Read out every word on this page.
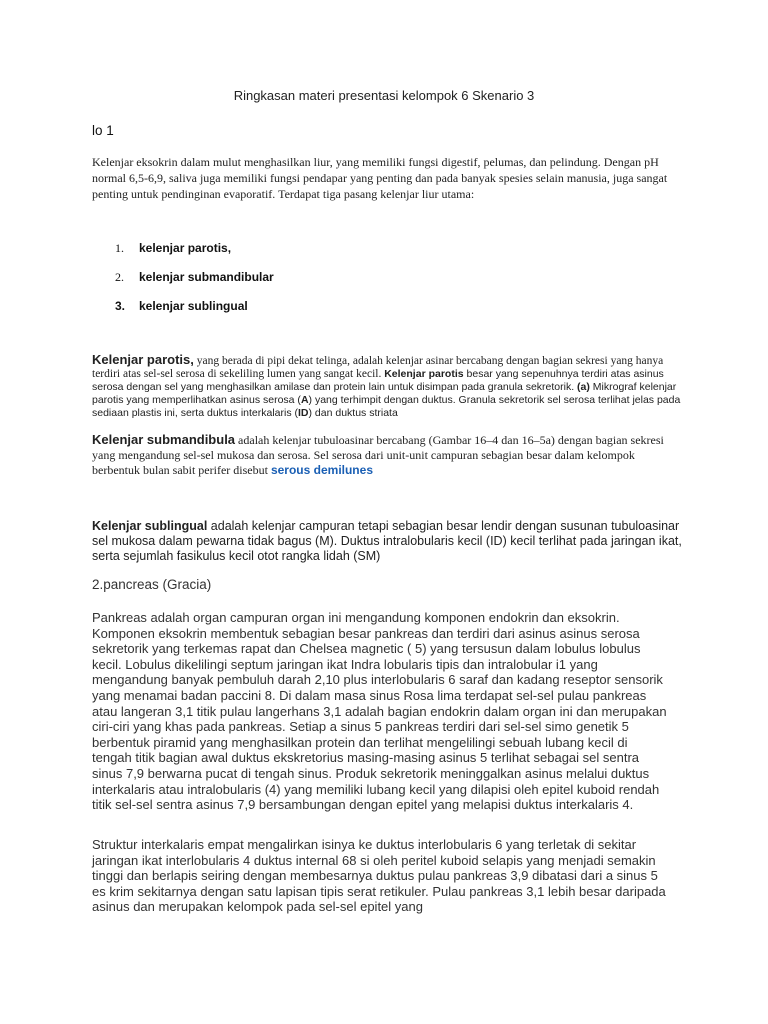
Ringkasan materi presentasi kelompok 6 Skenario 3
lo 1
Kelenjar eksokrin dalam mulut menghasilkan liur, yang memiliki fungsi digestif, pelumas, dan pelindung. Dengan pH normal 6,5-6,9, saliva juga memiliki fungsi pendapar yang penting dan pada banyak spesies selain manusia, juga sangat penting untuk pendinginan evaporatif. Terdapat tiga pasang kelenjar liur utama:
1. kelenjar parotis,
2. kelenjar submandibular
3. kelenjar sublingual
Kelenjar parotis, yang berada di pipi dekat telinga, adalah kelenjar asinar bercabang dengan bagian sekresi yang hanya terdiri atas sel-sel serosa di sekeliling lumen yang sangat kecil. Kelenjar parotis besar yang sepenuhnya terdiri atas asinus serosa dengan sel yang menghasilkan amilase dan protein lain untuk disimpan pada granula sekretorik. (a) Mikrograf kelenjar parotis yang memperlihatkan asinus serosa (A) yang terhimpit dengan duktus. Granula sekretorik sel serosa terlihat jelas pada sediaan plastis ini, serta duktus interkalaris (ID) dan duktus striata
Kelenjar submandibula adalah kelenjar tubuloasinar bercabang (Gambar 16–4 dan 16–5a) dengan bagian sekresi yang mengandung sel-sel mukosa dan serosa. Sel serosa dari unit-unit campuran sebagian besar dalam kelompok berbentuk bulan sabit perifer disebut serous demilunes
Kelenjar sublingual adalah kelenjar campuran tetapi sebagian besar lendir dengan susunan tubuloasinar sel mukosa dalam pewarna tidak bagus (M). Duktus intralobularis kecil (ID) kecil terlihat pada jaringan ikat, serta sejumlah fasikulus kecil otot rangka lidah (SM)
2.pancreas (Gracia)
Pankreas adalah organ campuran organ ini mengandung komponen endokrin dan eksokrin. Komponen eksokrin membentuk sebagian besar pankreas dan terdiri dari asinus asinus serosa sekretorik yang terkemas rapat dan Chelsea magnetic ( 5) yang tersusun dalam lobulus lobulus kecil. Lobulus dikelilingi septum jaringan ikat Indra lobularis tipis dan intralobular i1 yang mengandung banyak pembuluh darah 2,10 plus interlobularis 6 saraf dan kadang reseptor sensorik yang menamai badan paccini 8. Di dalam masa sinus Rosa lima terdapat sel-sel pulau pankreas atau langeran 3,1 titik pulau langerhans 3,1 adalah bagian endokrin dalam organ ini dan merupakan ciri-ciri yang khas pada pankreas. Setiap a sinus 5 pankreas terdiri dari sel-sel simo genetik 5 berbentuk piramid yang menghasilkan protein dan terlihat mengelilingi sebuah lubang kecil di tengah titik bagian awal duktus ekskretorius masing-masing asinus 5 terlihat sebagai sel sentra sinus 7,9 berwarna pucat di tengah sinus. Produk sekretorik meninggalkan asinus melalui duktus interkalaris atau intralobularis (4) yang memiliki lubang kecil yang dilapisi oleh epitel kuboid rendah titik sel-sel sentra asinus 7,9 bersambungan dengan epitel yang melapisi duktus interkalaris 4.
Struktur interkalaris empat mengalirkan isinya ke duktus interlobularis 6 yang terletak di sekitar jaringan ikat interlobularis 4 duktus internal 68 si oleh peritel kuboid selapis yang menjadi semakin tinggi dan berlapis seiring dengan membesarnya duktus pulau pankreas 3,9 dibatasi dari a sinus 5 es krim sekitarnya dengan satu lapisan tipis serat retikuler. Pulau pankreas 3,1 lebih besar daripada asinus dan merupakan kelompok pada sel-sel epitel yang
